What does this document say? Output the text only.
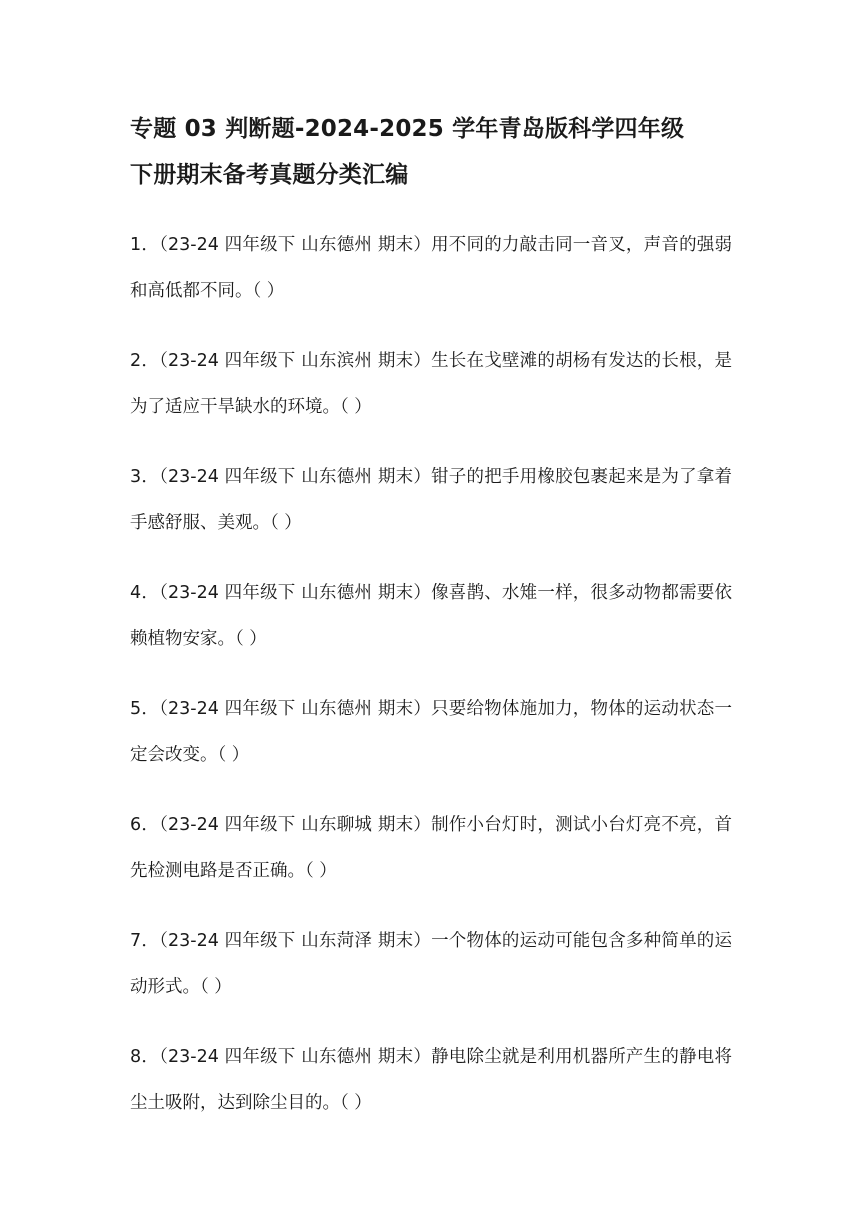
专题 03 判断题-2024-2025 学年青岛版科学四年级
下册期末备考真题分类汇编

1．（23-24 四年级下 山东德州 期末）用不同的力敲击同一音叉，声音的强弱和高低都不同。（ ）

2．（23-24 四年级下 山东滨州 期末）生长在戈壁滩的胡杨有发达的长根，是为了适应干旱缺水的环境。（ ）

3．（23-24 四年级下 山东德州 期末）钳子的把手用橡胶包裹起来是为了拿着手感舒服、美观。（ ）

4．（23-24 四年级下 山东德州 期末）像喜鹊、水雉一样，很多动物都需要依赖植物安家。（ ）

5．（23-24 四年级下 山东德州 期末）只要给物体施加力，物体的运动状态一定会改变。（ ）

6．（23-24 四年级下 山东聊城 期末）制作小台灯时，测试小台灯亮不亮，首先检测电路是否正确。（ ）

7．（23-24 四年级下 山东菏泽 期末）一个物体的运动可能包含多种简单的运动形式。（ ）

8．（23-24 四年级下 山东德州 期末）静电除尘就是利用机器所产生的静电将尘土吸附，达到除尘目的。（ ）
